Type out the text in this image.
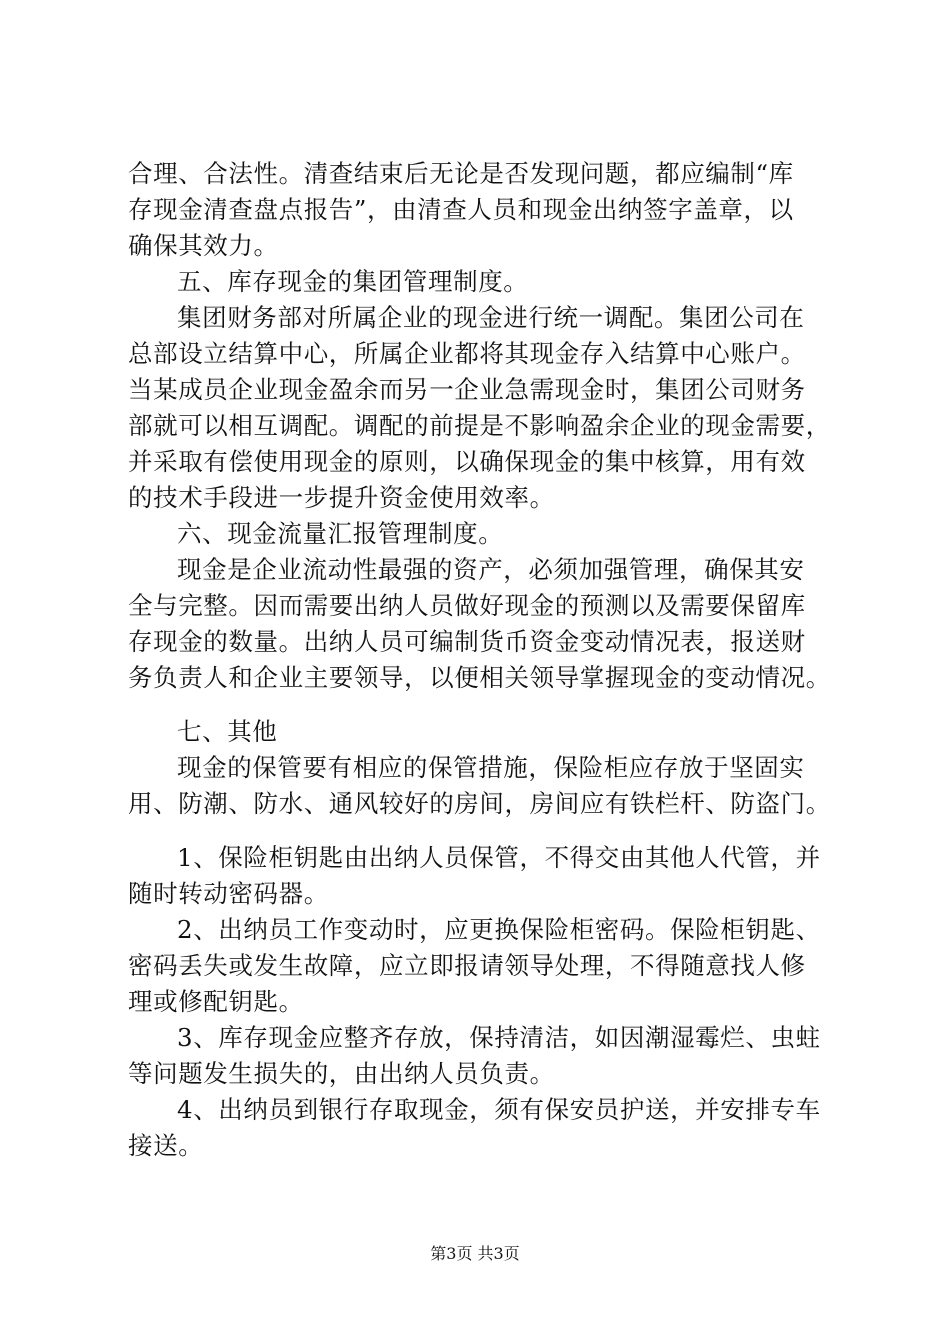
合理、合法性。清查结束后无论是否发现问题，都应编制“库
存现金清查盘点报告”，由清查人员和现金出纳签字盖章，以
确保其效力。
五、库存现金的集团管理制度。
集团财务部对所属企业的现金进行统一调配。集团公司在
总部设立结算中心，所属企业都将其现金存入结算中心账户。
当某成员企业现金盈余而另一企业急需现金时，集团公司财务
部就可以相互调配。调配的前提是不影响盈余企业的现金需要，
并采取有偿使用现金的原则，以确保现金的集中核算，用有效
的技术手段进一步提升资金使用效率。
六、现金流量汇报管理制度。
现金是企业流动性最强的资产，必须加强管理，确保其安
全与完整。因而需要出纳人员做好现金的预测以及需要保留库
存现金的数量。出纳人员可编制货币资金变动情况表，报送财
务负责人和企业主要领导，以便相关领导掌握现金的变动情况。
七、其他
现金的保管要有相应的保管措施，保险柜应存放于坚固实
用、防潮、防水、通风较好的房间，房间应有铁栏杆、防盗门。
1、保险柜钥匙由出纳人员保管，不得交由其他人代管，并
随时转动密码器。
2、出纳员工作变动时，应更换保险柜密码。保险柜钥匙、
密码丢失或发生故障，应立即报请领导处理，不得随意找人修
理或修配钥匙。
3、库存现金应整齐存放，保持清洁，如因潮湿霉烂、虫蛀
等问题发生损失的，由出纳人员负责。
4、出纳员到银行存取现金，须有保安员护送，并安排专车
接送。
第3页 共3页
